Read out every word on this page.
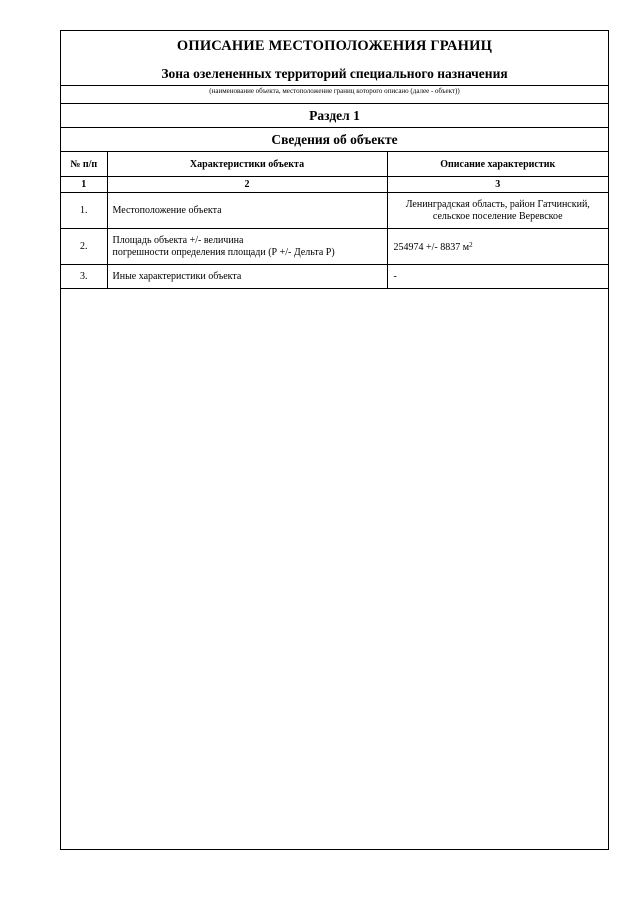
ОПИСАНИЕ МЕСТОПОЛОЖЕНИЯ ГРАНИЦ
Зона озелененных территорий специального назначения
(наименование объекта, местоположение границ которого описано (далее - объект))
Раздел 1
Сведения об объекте
№ п/п	Характеристики объекта	Описание характеристик
1	2	3
1.	Местоположение объекта	Ленинградская область, район Гатчинский,
сельское поселение Веревское
2.	Площадь объекта +/- величина
погрешности определения площади (Р +/- Дельта Р)	254974 +/- 8837 $м^2$
3.	Иные характеристики объекта	-
